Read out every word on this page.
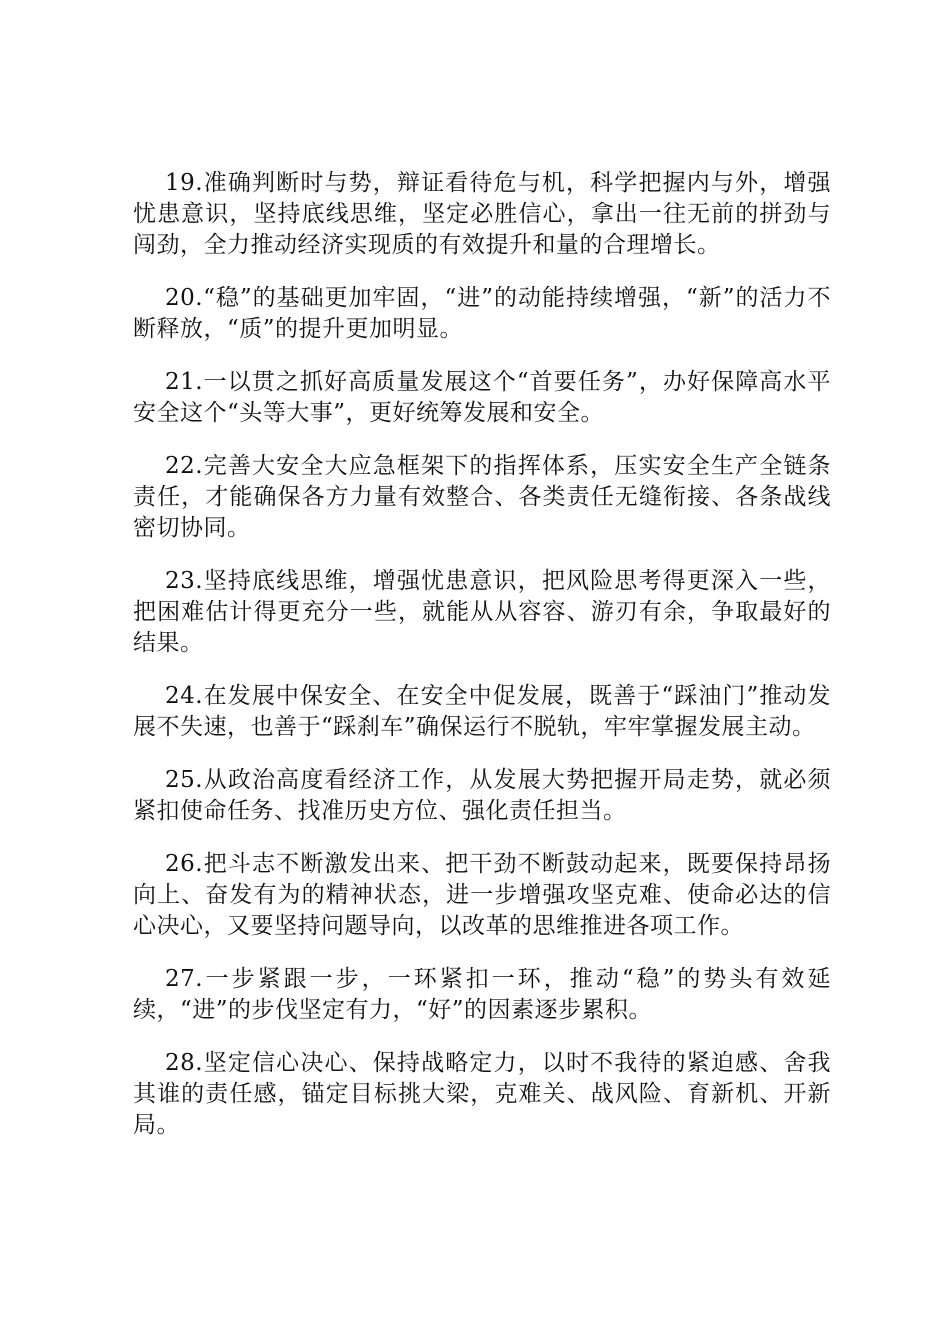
19.准确判断时与势，辩证看待危与机，科学把握内与外，增强忧患意识，坚持底线思维，坚定必胜信心，拿出一往无前的拼劲与闯劲，全力推动经济实现质的有效提升和量的合理增长。

20.“稳”的基础更加牢固，“进”的动能持续增强，“新”的活力不断释放，“质”的提升更加明显。

21.一以贯之抓好高质量发展这个“首要任务”，办好保障高水平安全这个“头等大事”，更好统筹发展和安全。

22.完善大安全大应急框架下的指挥体系，压实安全生产全链条责任，才能确保各方力量有效整合、各类责任无缝衔接、各条战线密切协同。

23.坚持底线思维，增强忧患意识，把风险思考得更深入一些，把困难估计得更充分一些，就能从从容容、游刃有余，争取最好的结果。

24.在发展中保安全、在安全中促发展，既善于“踩油门”推动发展不失速，也善于“踩刹车”确保运行不脱轨，牢牢掌握发展主动。

25.从政治高度看经济工作，从发展大势把握开局走势，就必须紧扣使命任务、找准历史方位、强化责任担当。

26.把斗志不断激发出来、把干劲不断鼓动起来，既要保持昂扬向上、奋发有为的精神状态，进一步增强攻坚克难、使命必达的信心决心，又要坚持问题导向，以改革的思维推进各项工作。

27.一步紧跟一步，一环紧扣一环，推动“稳”的势头有效延续，“进”的步伐坚定有力，“好”的因素逐步累积。

28.坚定信心决心、保持战略定力，以时不我待的紧迫感、舍我其谁的责任感，锚定目标挑大梁，克难关、战风险、育新机、开新局。
